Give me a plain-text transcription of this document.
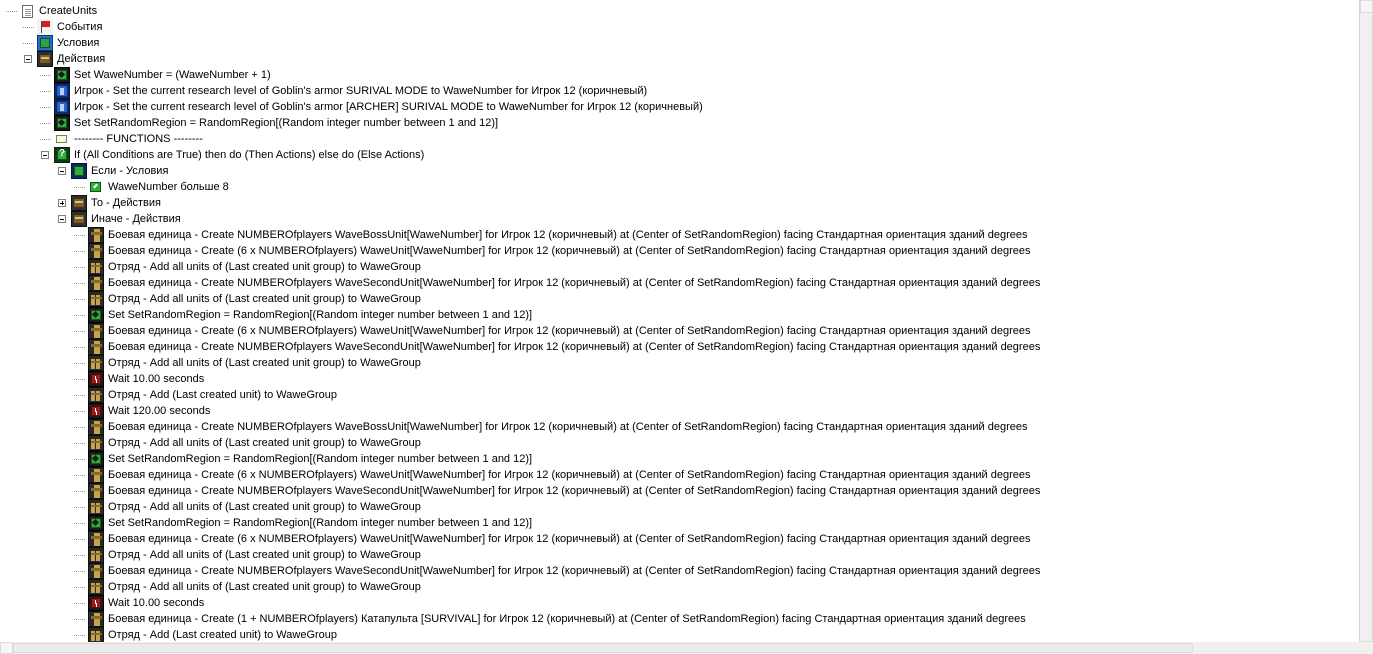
CreateUnits
События
Условия
Действия
Set WaweNumber = (WaweNumber + 1)
Игрок - Set the current research level of Goblin's armor SURIVAL MODE to WaweNumber for Игрок 12 (коричневый)
Игрок - Set the current research level of Goblin's armor [ARCHER] SURIVAL MODE to WaweNumber for Игрок 12 (коричневый)
Set SetRandomRegion = RandomRegion[(Random integer number between 1 and 12)]
-------- FUNCTIONS --------
?
If (All Conditions are True) then do (Then Actions) else do (Else Actions)
Если - Условия
WaweNumber больше 8
То - Действия
Иначе - Действия
Боевая единица - Create NUMBEROfplayers WaveBossUnit[WaweNumber] for Игрок 12 (коричневый) at (Center of SetRandomRegion) facing Стандартная ориентация зданий degrees
Боевая единица - Create (6 x NUMBEROfplayers) WaweUnit[WaweNumber] for Игрок 12 (коричневый) at (Center of SetRandomRegion) facing Стандартная ориентация зданий degrees
Отряд - Add all units of (Last created unit group) to WaweGroup
Боевая единица - Create NUMBEROfplayers WaveSecondUnit[WaweNumber] for Игрок 12 (коричневый) at (Center of SetRandomRegion) facing Стандартная ориентация зданий degrees
Отряд - Add all units of (Last created unit group) to WaweGroup
Set SetRandomRegion = RandomRegion[(Random integer number between 1 and 12)]
Боевая единица - Create (6 x NUMBEROfplayers) WaweUnit[WaweNumber] for Игрок 12 (коричневый) at (Center of SetRandomRegion) facing Стандартная ориентация зданий degrees
Боевая единица - Create NUMBEROfplayers WaveSecondUnit[WaweNumber] for Игрок 12 (коричневый) at (Center of SetRandomRegion) facing Стандартная ориентация зданий degrees
Отряд - Add all units of (Last created unit group) to WaweGroup
Wait 10.00 seconds
Отряд - Add (Last created unit) to WaweGroup
Wait 120.00 seconds
Боевая единица - Create NUMBEROfplayers WaveBossUnit[WaweNumber] for Игрок 12 (коричневый) at (Center of SetRandomRegion) facing Стандартная ориентация зданий degrees
Отряд - Add all units of (Last created unit group) to WaweGroup
Set SetRandomRegion = RandomRegion[(Random integer number between 1 and 12)]
Боевая единица - Create (6 x NUMBEROfplayers) WaweUnit[WaweNumber] for Игрок 12 (коричневый) at (Center of SetRandomRegion) facing Стандартная ориентация зданий degrees
Боевая единица - Create NUMBEROfplayers WaveSecondUnit[WaweNumber] for Игрок 12 (коричневый) at (Center of SetRandomRegion) facing Стандартная ориентация зданий degrees
Отряд - Add all units of (Last created unit group) to WaweGroup
Set SetRandomRegion = RandomRegion[(Random integer number between 1 and 12)]
Боевая единица - Create (6 x NUMBEROfplayers) WaweUnit[WaweNumber] for Игрок 12 (коричневый) at (Center of SetRandomRegion) facing Стандартная ориентация зданий degrees
Отряд - Add all units of (Last created unit group) to WaweGroup
Боевая единица - Create NUMBEROfplayers WaveSecondUnit[WaweNumber] for Игрок 12 (коричневый) at (Center of SetRandomRegion) facing Стандартная ориентация зданий degrees
Отряд - Add all units of (Last created unit group) to WaweGroup
Wait 10.00 seconds
Боевая единица - Create (1 + NUMBEROfplayers) Катапульта [SURVIVAL] for Игрок 12 (коричневый) at (Center of SetRandomRegion) facing Стандартная ориентация зданий degrees
Отряд - Add (Last created unit) to WaweGroup
